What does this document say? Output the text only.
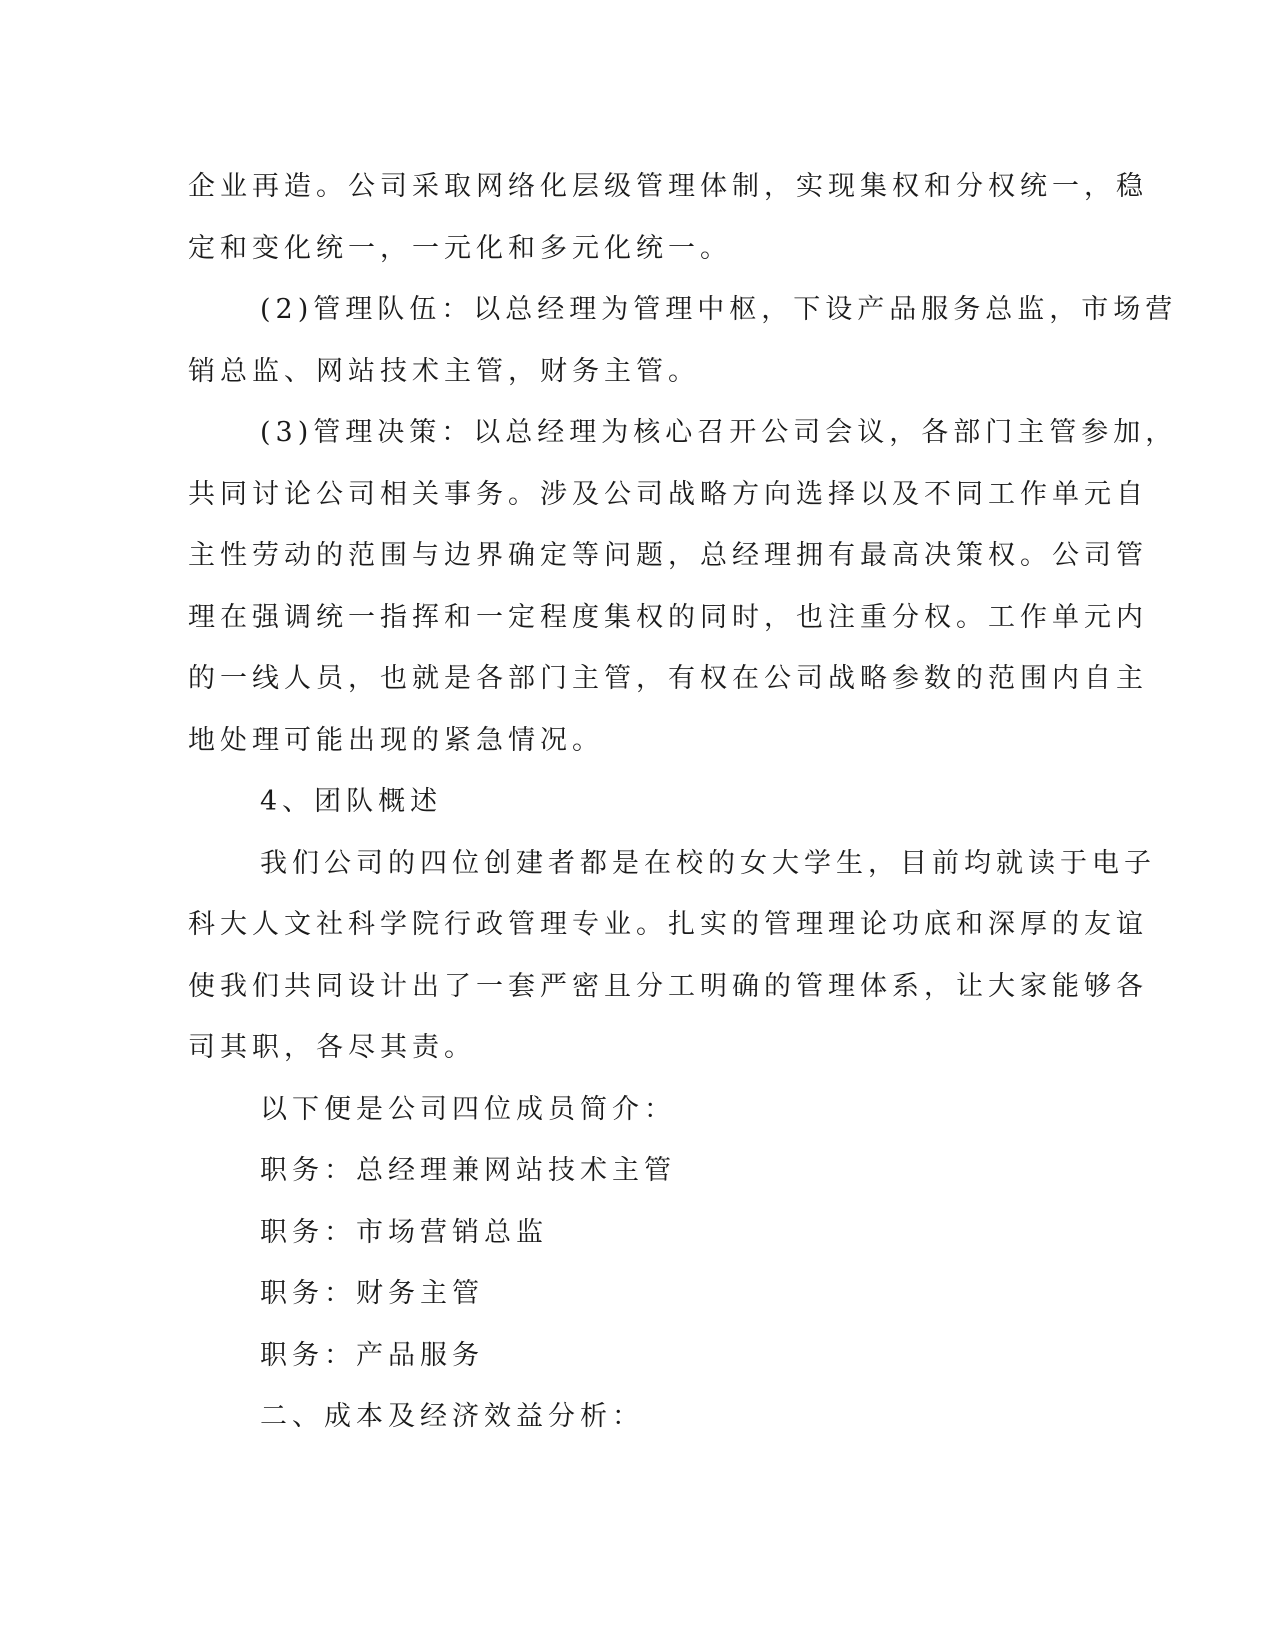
企业再造。公司采取网络化层级管理体制，实现集权和分权统一，稳

定和变化统一，一元化和多元化统一。

(2)管理队伍：以总经理为管理中枢，下设产品服务总监，市场营

销总监、网站技术主管，财务主管。

(3)管理决策：以总经理为核心召开公司会议，各部门主管参加，

共同讨论公司相关事务。涉及公司战略方向选择以及不同工作单元自

主性劳动的范围与边界确定等问题，总经理拥有最高决策权。公司管

理在强调统一指挥和一定程度集权的同时，也注重分权。工作单元内

的一线人员，也就是各部门主管，有权在公司战略参数的范围内自主

地处理可能出现的紧急情况。

4、团队概述

我们公司的四位创建者都是在校的女大学生，目前均就读于电子

科大人文社科学院行政管理专业。扎实的管理理论功底和深厚的友谊

使我们共同设计出了一套严密且分工明确的管理体系，让大家能够各

司其职，各尽其责。

以下便是公司四位成员简介：

职务：总经理兼网站技术主管

职务：市场营销总监

职务：财务主管

职务：产品服务

二、成本及经济效益分析：
